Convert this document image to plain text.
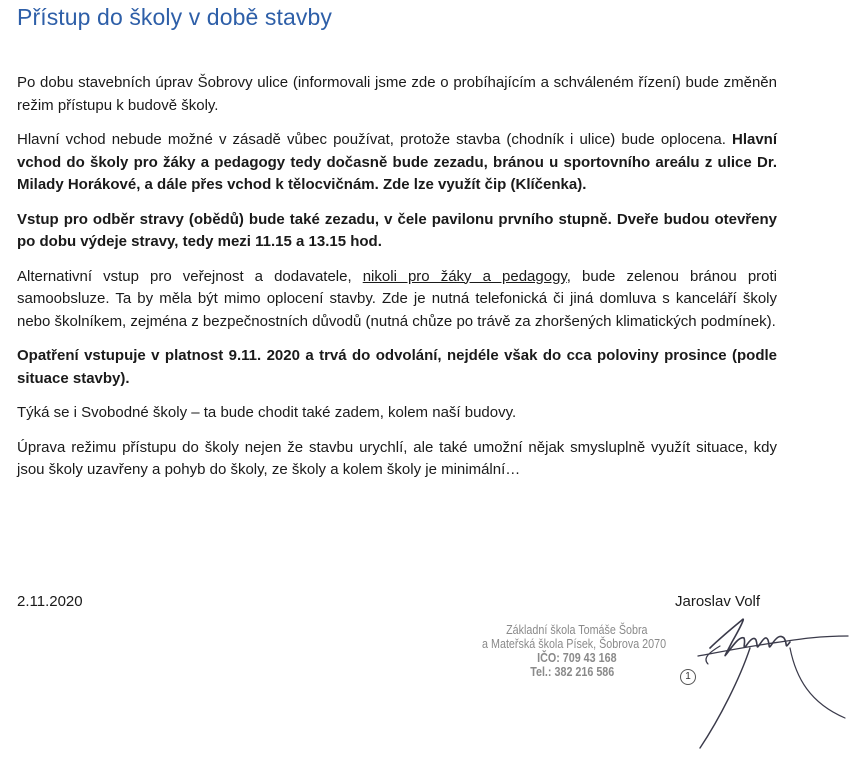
Přístup do školy v době stavby

Po dobu stavebních úprav Šobrovy ulice (informovali jsme zde o probíhajícím a schváleném řízení) bude změněn režim přístupu k budově školy.

Hlavní vchod nebude možné v zásadě vůbec používat, protože stavba (chodník i ulice) bude oplocena. Hlavní vchod do školy pro žáky a pedagogy tedy dočasně bude zezadu, bránou u sportovního areálu z ulice Dr. Milady Horákové, a dále přes vchod k tělocvičnám. Zde lze využít čip (Klíčenka).

Vstup pro odběr stravy (obědů) bude také zezadu, v čele pavilonu prvního stupně. Dveře budou otevřeny po dobu výdeje stravy, tedy mezi 11.15 a 13.15 hod.

Alternativní vstup pro veřejnost a dodavatele, nikoli pro žáky a pedagogy, bude zelenou bránou proti samoobsluze. Ta by měla být mimo oplocení stavby. Zde je nutná telefonická či jiná domluva s kanceláří školy nebo školníkem, zejména z bezpečnostních důvodů (nutná chůze po trávě za zhoršených klimatických podmínek).

Opatření vstupuje v platnost 9.11. 2020 a trvá do odvolání, nejdéle však do cca poloviny prosince (podle situace stavby).

Týká se i Svobodné školy – ta bude chodit také zadem, kolem naší budovy.

Úprava režimu přístupu do školy nejen že stavbu urychlí, ale také umožní nějak smysluplně využít situace, kdy jsou školy uzavřeny a pohyb do školy, ze školy a kolem školy je minimální…

2.11.2020	Jaroslav Volf
Základní škola Tomáše Šobra
a Mateřská škola Písek, Šobrova 2070
IČO: 709 43 168
Tel.: 382 216 586	1
